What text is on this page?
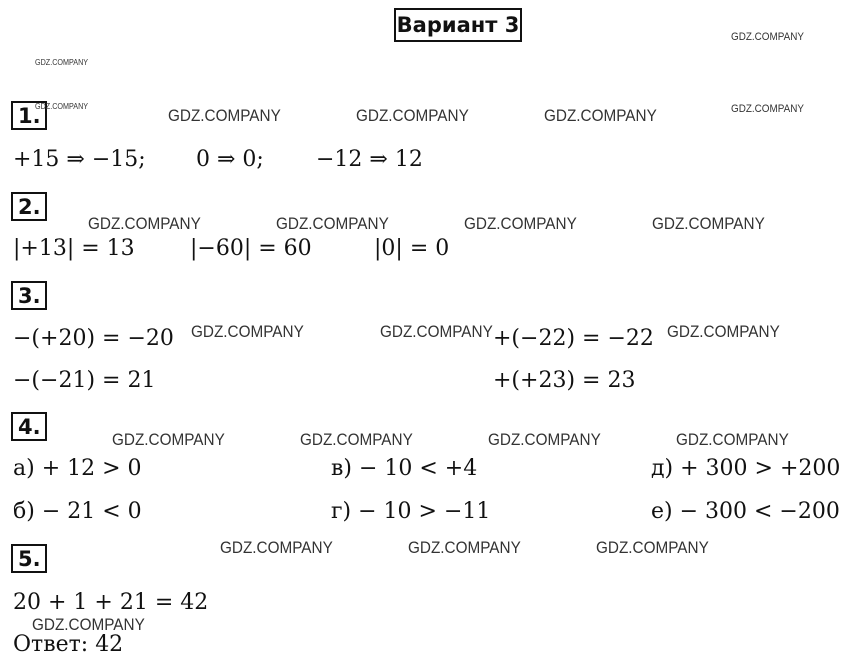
Вариант 3
1.
+15 ⇒ −15; 0 ⇒ 0; −12 ⇒ 12
2.
|+13| = 13	|−60| = 60	|0| = 0
3.
−(+20) = −20	+(−22) = −22
−(−21) = 21	+(+23) = 23
4.
а) + 12 > 0	в) − 10 < +4	д) + 300 > +200
б) − 21 < 0	г) − 10 > −11	е) − 300 < −200
5.
20 + 1 + 21 = 42
Ответ: 42
GDZ.COMPANY
GDZ.COMPANY
GDZ.COMPANY	GDZ.COMPANY	GDZ.COMPANY	GDZ.COMPANY	GDZ.COMPANY
GDZ.COMPANY	GDZ.COMPANY	GDZ.COMPANY	GDZ.COMPANY
GDZ.COMPANY	GDZ.COMPANY	GDZ.COMPANY
GDZ.COMPANY	GDZ.COMPANY	GDZ.COMPANY	GDZ.COMPANY
GDZ.COMPANY	GDZ.COMPANY	GDZ.COMPANY
GDZ.COMPANY
